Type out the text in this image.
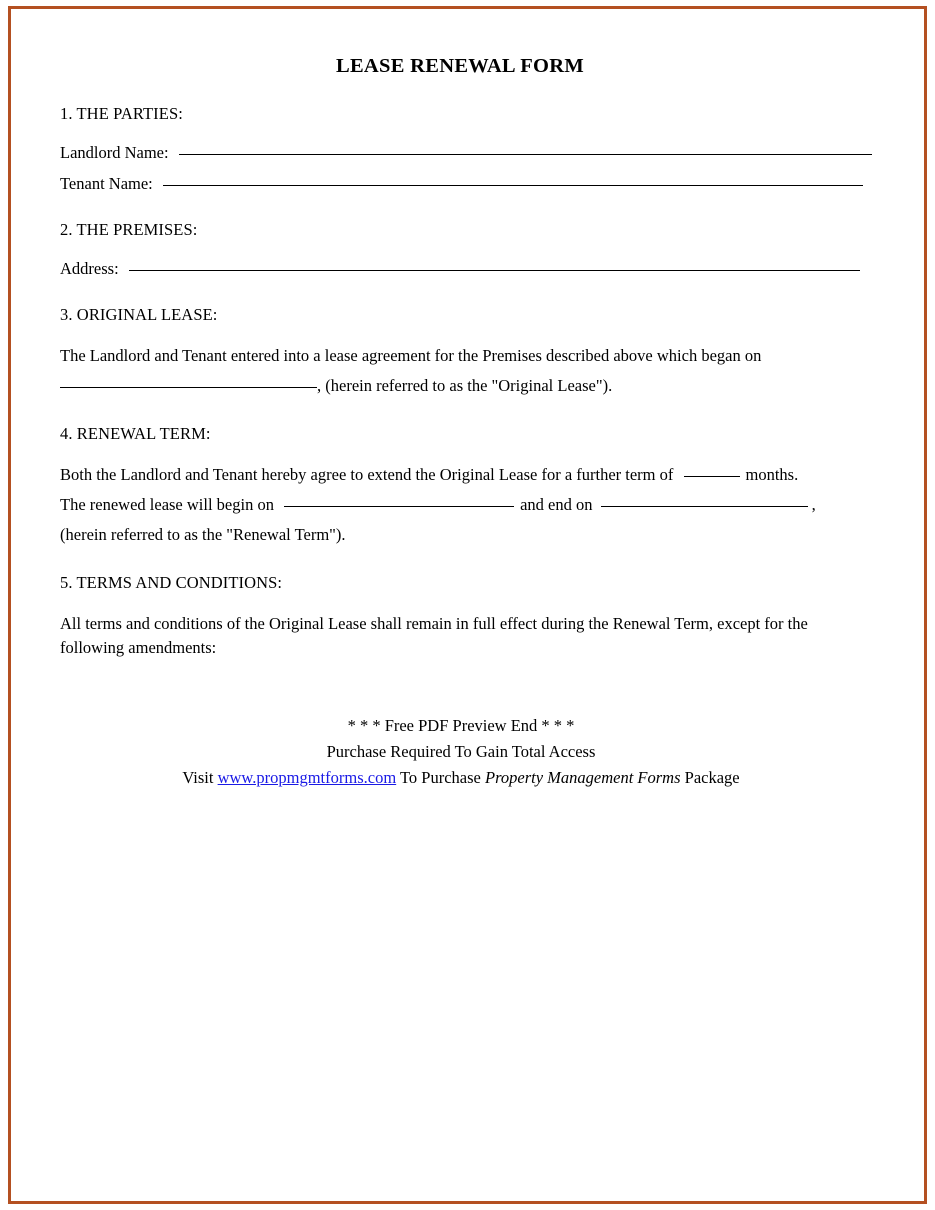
LEASE RENEWAL FORM
1. THE PARTIES:
Landlord Name:
Tenant Name:
2. THE PREMISES:
Address:
3. ORIGINAL LEASE:
The Landlord and Tenant entered into a lease agreement for the Premises described above which began on
, (herein referred to as the "Original Lease").
4. RENEWAL TERM:
Both the Landlord and Tenant hereby agree to extend the Original Lease for a further term of	months.
The renewed lease will begin on	and end on	,
(herein referred to as the "Renewal Term").
5. TERMS AND CONDITIONS:
All terms and conditions of the Original Lease shall remain in full effect during the Renewal Term, except for the following amendments:
* * * Free PDF Preview End * * *
Purchase Required To Gain Total Access
Visit www.propmgmtforms.com To Purchase Property Management Forms Package
